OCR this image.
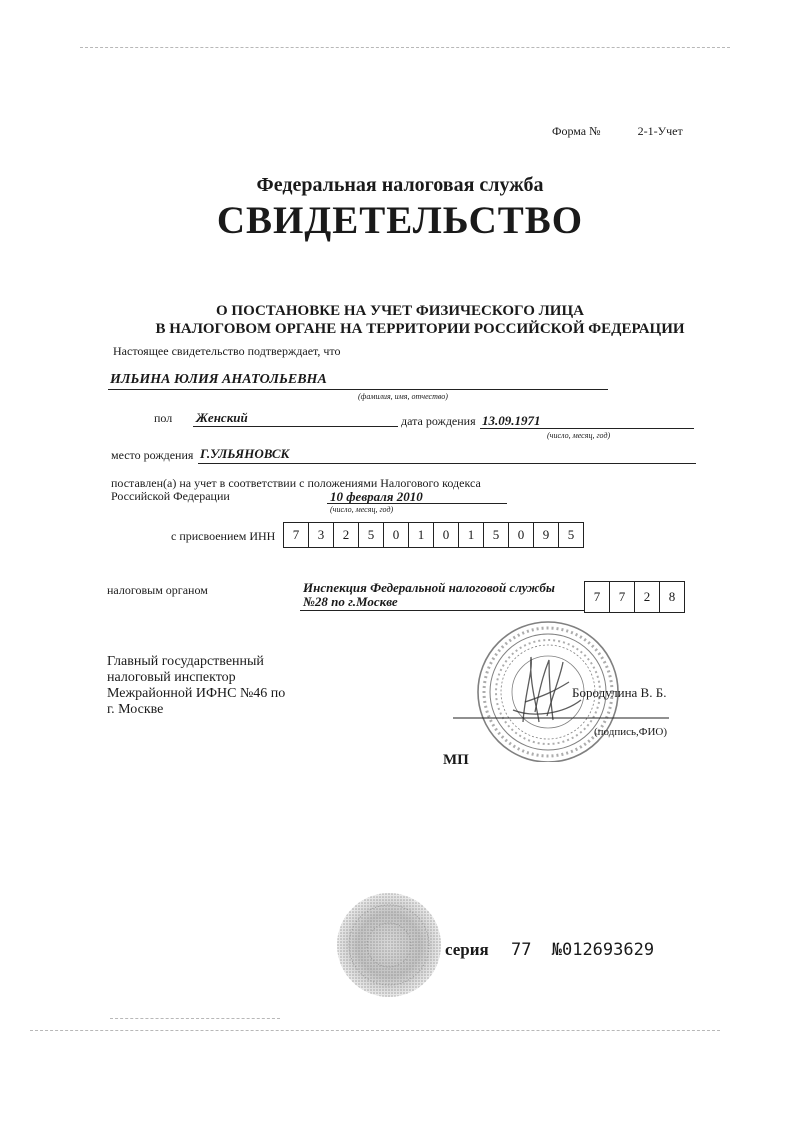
Форма №	2-1-Учет
Федеральная налоговая служба
СВИДЕТЕЛЬСТВО
О ПОСТАНОВКЕ НА УЧЕТ ФИЗИЧЕСКОГО ЛИЦА
В НАЛОГОВОМ ОРГАНЕ НА ТЕРРИТОРИИ РОССИЙСКОЙ ФЕДЕРАЦИИ
Настоящее свидетельство подтверждает, что
ИЛЬИНА ЮЛИЯ АНАТОЛЬЕВНА
(фамилия, имя, отчество)
пол Женский	дата рождения 13.09.1971
(число, месяц, год)
место рождения Г.УЛЬЯНОВСК
поставлен(а) на учет в соответствии с положениями Налогового кодекса
Российской Федерации	10 февраля 2010
(число, месяц, год)
с присвоением ИНН	7	3	2	5	0	1	0	1	5	0	9	5
налоговым органом	Инспекция Федеральной налоговой службы
№28 по г.Москве	7	7	2	8
Главный государственный
налоговый инспектор
Межрайонной ИФНС №46 по
г. Москве
Бородулина В. Б.
(подпись,ФИО)
МП
серия 77 №012693629
